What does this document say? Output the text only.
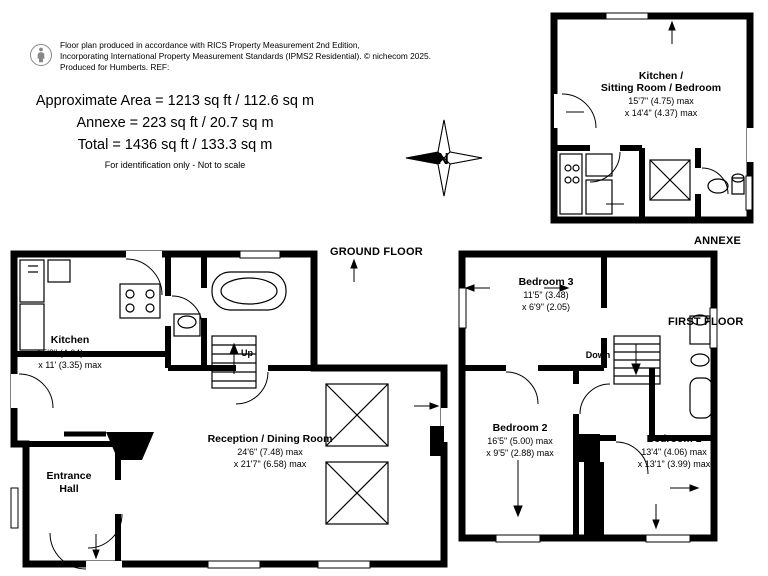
Floor plan produced in accordance with RICS Property Measurement 2nd Edition,
Incorporating International Property Measurement Standards (IPMS2 Residential). © nichecom 2025.
Produced for Humberts. REF:
Approximate Area = 1213 sq ft / 112.6 sq m
Annexe = 223 sq ft / 20.7 sq m
Total = 1436 sq ft / 133.3 sq m
For identification only - Not to scale	N
Kitchen /
Sitting Room / Bedroom
15'7" (4.75) max
x 14'4" (4.37) max
ANNEXE
GROUND FLOOR
Kitchen
15'3" (4.64) max
x 11' (3.35) max
Up
Reception / Dining Room
24'6" (7.48) max
x 21'7" (6.58) max
Entrance
Hall
FIRST FLOOR
Bedroom 3
11'5" (3.48)
x 6'9" (2.05)
Down
Bedroom 2
16'5" (5.00) max
x 9'5" (2.88) max
Bedroom 1
13'4" (4.06) max
x 13'1" (3.99) max
